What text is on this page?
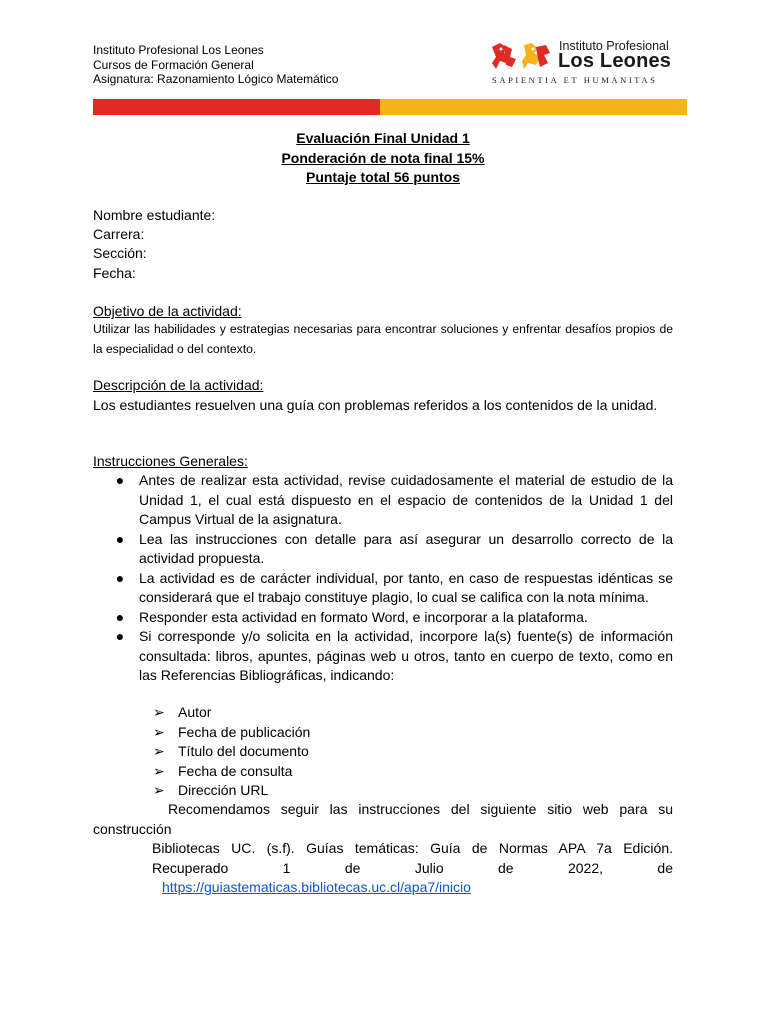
Instituto Profesional Los Leones
Cursos de Formación General
Asignatura: Razonamiento Lógico Matemático
Instituto Profesional
Los Leones
SAPIENTIA ET HUMANITAS
Evaluación Final Unidad 1
Ponderación de nota final 15%
Puntaje total 56 puntos
Nombre estudiante:
Carrera:
Sección:
Fecha:
Objetivo de la actividad:
Utilizar las habilidades y estrategias necesarias para encontrar soluciones y enfrentar desafíos propios de la especialidad o del contexto.
Descripción de la actividad:
Los estudiantes resuelven una guía con problemas referidos a los contenidos de la unidad.
Instrucciones Generales:
● Antes de realizar esta actividad, revise cuidadosamente el material de estudio de la Unidad 1, el cual está dispuesto en el espacio de contenidos de la Unidad 1 del Campus Virtual de la asignatura.
● Lea las instrucciones con detalle para así asegurar un desarrollo correcto de la actividad propuesta.
● La actividad es de carácter individual, por tanto, en caso de respuestas idénticas se considerará que el trabajo constituye plagio, lo cual se califica con la nota mínima.
● Responder esta actividad en formato Word, e incorporar a la plataforma.
● Si corresponde y/o solicita en la actividad, incorpore la(s) fuente(s) de información consultada: libros, apuntes, páginas web u otros, tanto en cuerpo de texto, como en las Referencias Bibliográficas, indicando:
➢ Autor
➢ Fecha de publicación
➢ Título del documento
➢ Fecha de consulta
➢ Dirección URL
Recomendamos seguir las instrucciones del siguiente sitio web para su
construcción
Bibliotecas UC. (s.f). Guías temáticas: Guía de Normas APA 7a Edición.
Recuperado 1 de Julio de 2022, de
https://guiastematicas.bibliotecas.uc.cl/apa7/inicio
